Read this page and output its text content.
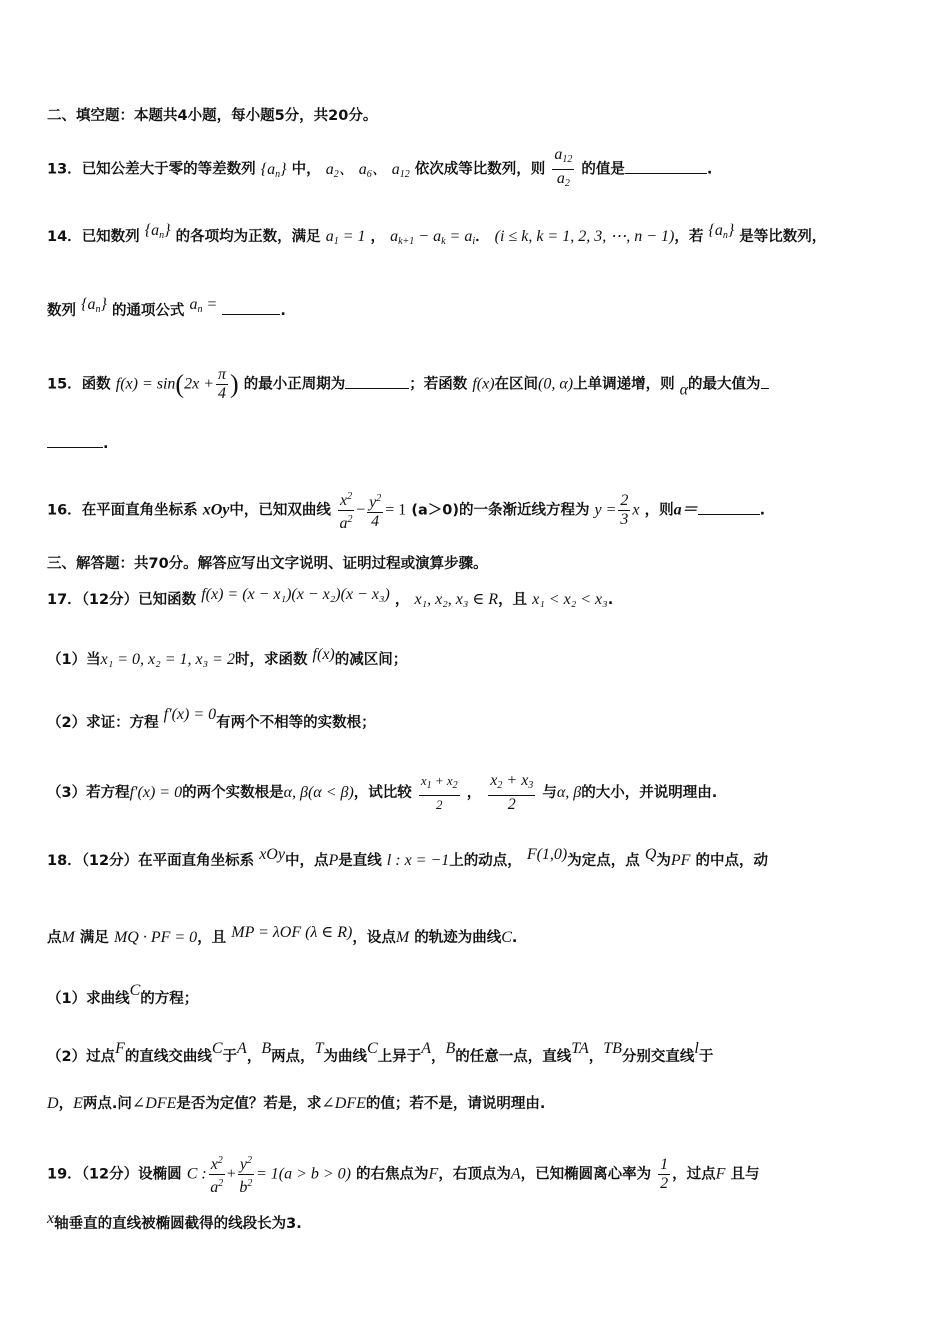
二、填空题：本题共4小题，每小题5分，共20分。
13．已知公差大于零的等差数列 $\{a_n\}$ 中， $a_2$、 $a_6$、 $a_{12}$ 依次成等比数列，则 $\frac{a_{12}}{a_2}$ 的值是	.
14．已知数列 $\{a_n\}$ 的各项均为正数，满足 $a_1 = 1$ ， $a_{k+1} - a_k = a_i$． (i ≤ k, k = 1, 2, 3, ⋯, n − 1)，若 $\{a_n\}$ 是等比数列，
数列 $\{a_n\}$ 的通项公式 $a_n$ =	.
15．函数 $f(x) = \sin(2x + \frac{\pi}{4}$ ) 的最小正周期为	；若函数 f(x)在区间(0, α)上单调递增，则 α的最大值为
.
16．在平面直角坐标系 xOy中，已知双曲线 $\frac{x^2}{a^2} - \frac{y^2}{4} = 1$ (a＞0)的一条渐近线方程为 $y = \frac{2}{3}$ x ，则a＝	.
三、解答题：共70分。解答应写出文字说明、证明过程或演算步骤。
17．（12分）已知函数 f(x) = (x − x₁)(x − x₂)(x − x₃) ， x₁, x₂, x₃ ∈ R，且 x₁ < x₂ < x₃.
（1）当x₁ = 0, x₂ = 1, x₃ = 2时，求函数 f(x)的减区间；
（2）求证：方程 f′(x) = 0有两个不相等的实数根；
（3）若方程f′(x) = 0的两个实数根是α, β(α < β)，试比较 $\frac{x_1 + x_2}{2}$ ， $\frac{x_2 + x_3}{2}$ 与α, β的大小，并说明理由.
18．（12分）在平面直角坐标系 xOy中，点P是直线 l : x = −1上的动点， F(1,0)为定点，点 Q为PF 的中点，动
点M 满足 MQ · PF = 0，且 MP = λOF (λ ∈ R)，设点M 的轨迹为曲线C.
（1）求曲线C的方程；
（2）过点F的直线交曲线C于A，B两点，T为曲线C上异于A，B的任意一点，直线TA，TB分别交直线l于
D，E两点.问∠DFE是否为定值？若是，求∠DFE的值；若不是，请说明理由.
19．（12分）设椭圆 C : $\frac{x^2}{a^2} + \frac{y^2}{b^2} = 1(a > b > 0)$ 的右焦点为F，右顶点为A，已知椭圆离心率为 $\frac{1}{2}$ ，过点F 且与
x轴垂直的直线被椭圆截得的线段长为3.
